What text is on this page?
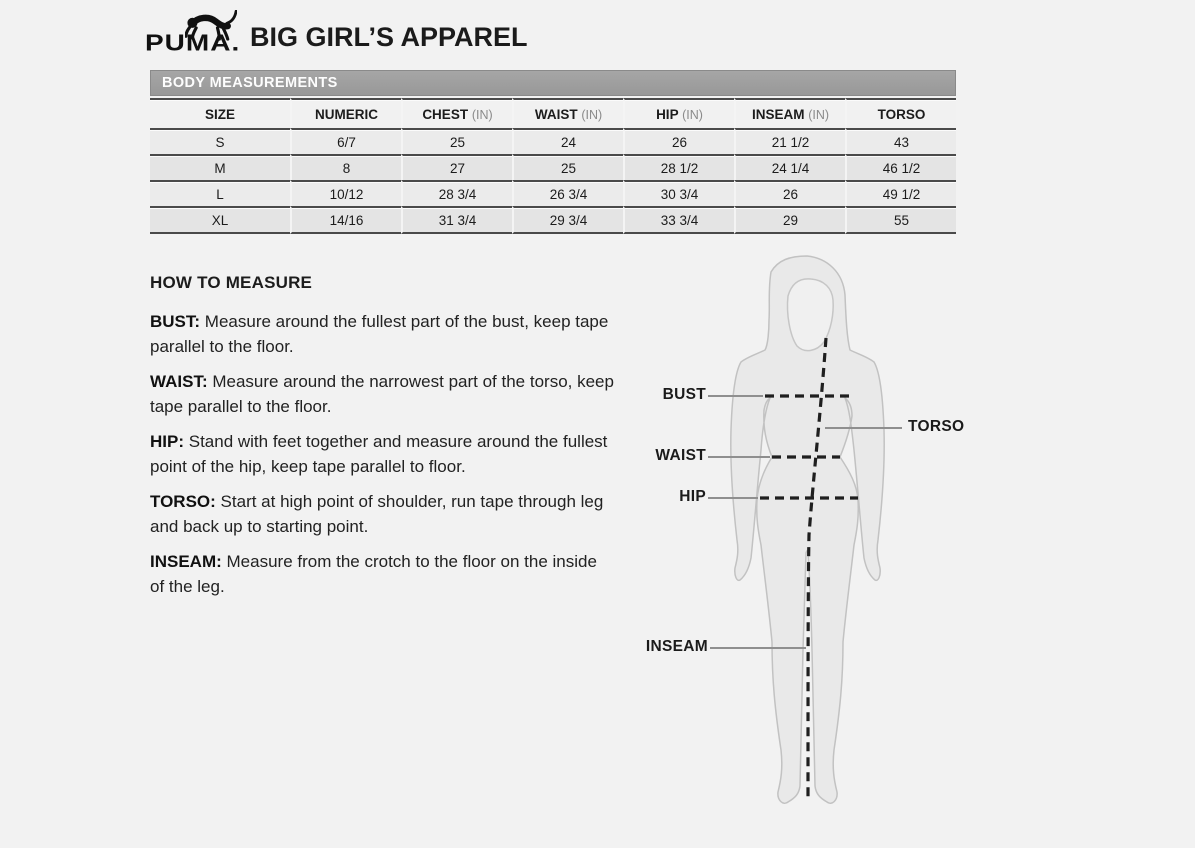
PUMA. BIG GIRL’S APPAREL
BODY MEASUREMENTS
SIZE	NUMERIC	CHEST (IN)	WAIST (IN)	HIP (IN)	INSEAM (IN)	TORSO
S	6/7	25	24	26	21 1/2	43
M	8	27	25	28 1/2	24 1/4	46 1/2
L	10/12	28 3/4	26 3/4	30 3/4	26	49 1/2
XL	14/16	31 3/4	29 3/4	33 3/4	29	55
HOW TO MEASURE

BUST: Measure around the fullest part of the bust, keep tape parallel to the floor.

WAIST: Measure around the narrowest part of the torso, keep tape parallel to the floor.

HIP: Stand with feet together and measure around the fullest point of the hip, keep tape parallel to floor.

TORSO: Start at high point of shoulder, run tape through leg and back up to starting point.

INSEAM: Measure from the crotch to the floor on the inside of the leg.

BUST
TORSO
WAIST
HIP
INSEAM
